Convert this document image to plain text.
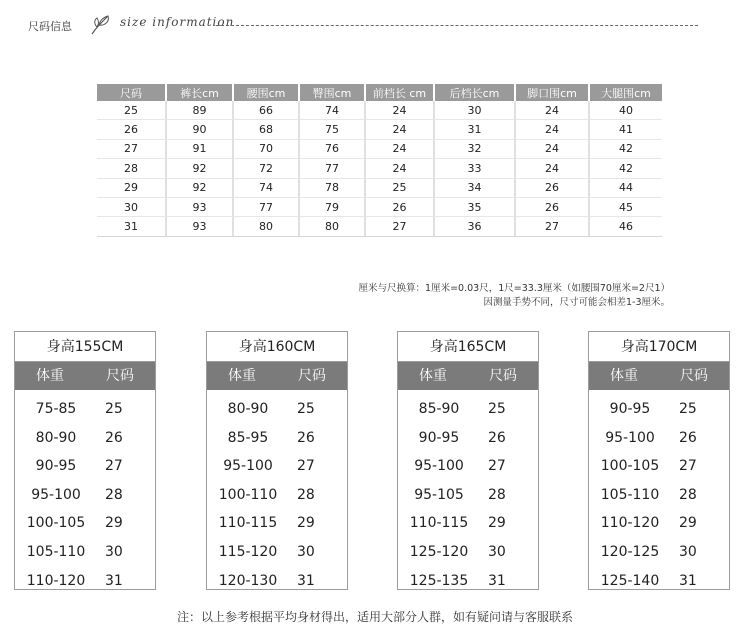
尺码信息	size information
尺码	裤长cm	腰围cm	臀围cm	前档长 cm	后档长cm	脚口围cm	大腿围cm
25	89	66	74	24	30	24	40
26	90	68	75	24	31	24	41
27	91	70	76	24	32	24	42
28	92	72	77	24	33	24	42
29	92	74	78	25	34	26	44
30	93	77	79	26	35	26	45
31	93	80	80	27	36	27	46
厘米与尺换算：1厘米=0.03尺，1尺=33.3厘米（如腰围70厘米=2尺1）
因测量手势不同，尺寸可能会相差1-3厘米。
身高155CM
体重	尺码
75-85	25
80-90	26
90-95	27
95-100	28
100-105	29
105-110	30
110-120	31
身高160CM
体重	尺码
80-90	25
85-95	26
95-100	27
100-110	28
110-115	29
115-120	30
120-130	31
身高165CM
体重	尺码
85-90	25
90-95	26
95-100	27
95-105	28
110-115	29
125-120	30
125-135	31
身高170CM
体重	尺码
90-95	25
95-100	26
100-105	27
105-110	28
110-120	29
120-125	30
125-140	31
注：以上参考根据平均身材得出，适用大部分人群，如有疑问请与客服联系
